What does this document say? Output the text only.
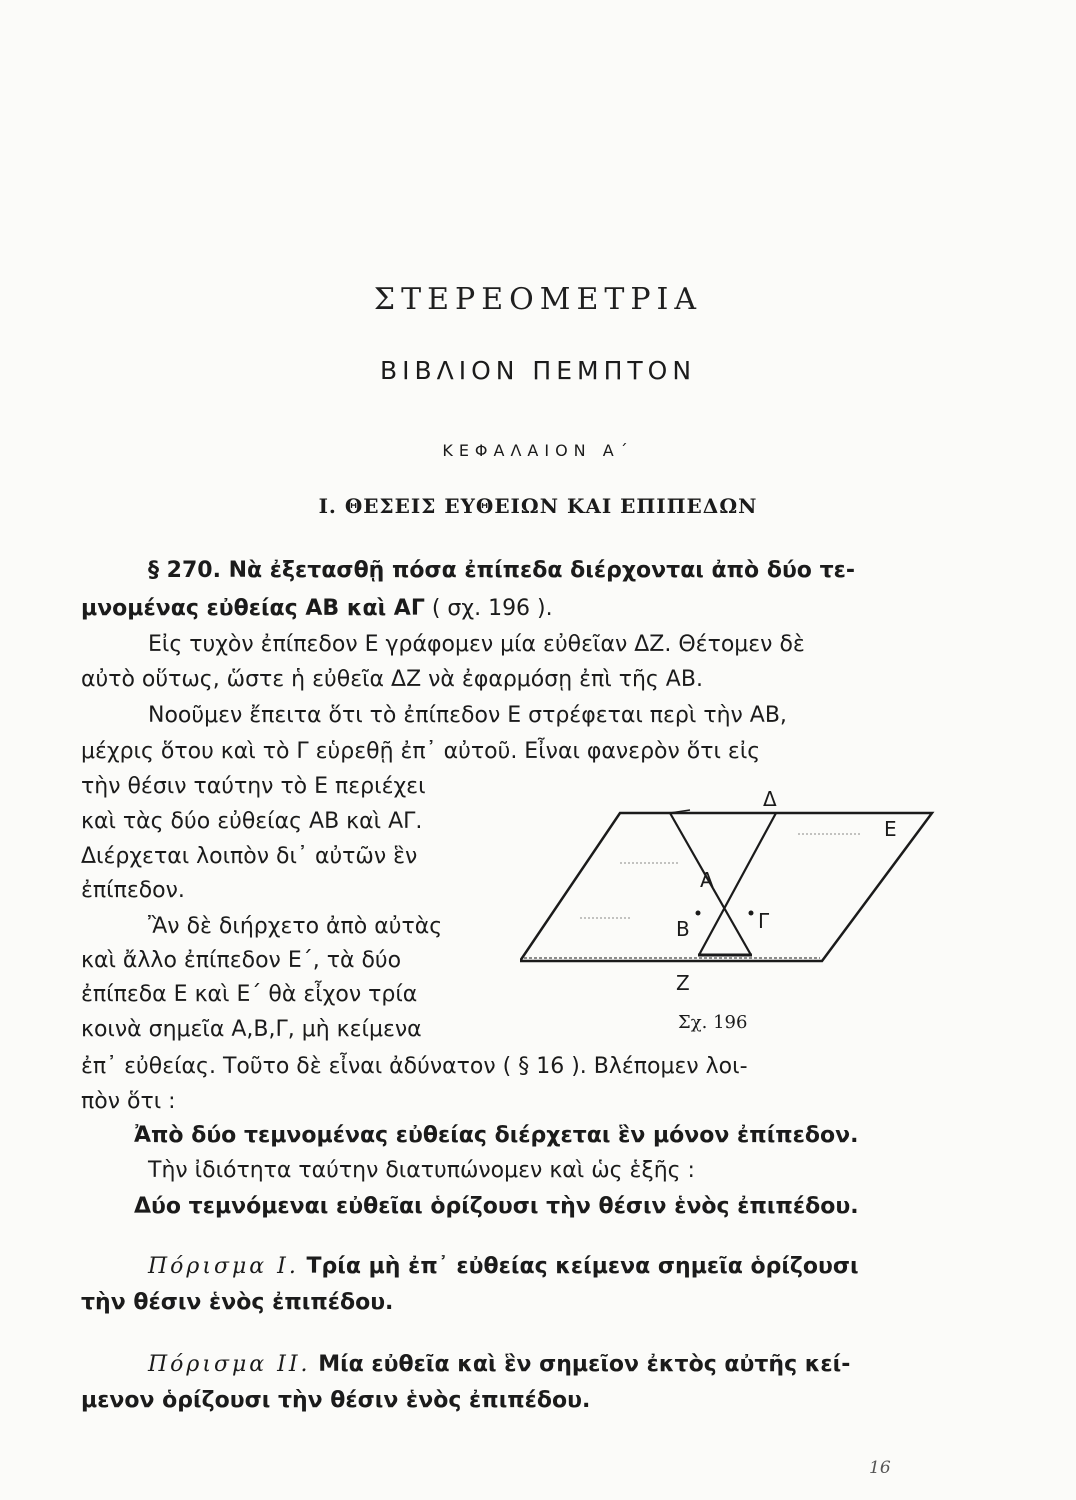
ΣΤΕΡΕΟΜΕΤΡΙΑ
ΒΙΒΛΙΟΝ ΠΕΜΠΤΟΝ
ΚΕΦΑΛΑΙΟΝ Α΄
Ι. ΘΕΣΕΙΣ ΕΥΘΕΙΩΝ ΚΑΙ ΕΠΙΠΕΔΩΝ
§ 270. Νὰ ἐξετασθῇ πόσα ἐπίπεδα διέρχονται ἀπὸ δύο τε-
μνομένας εὐθείας ΑΒ καὶ ΑΓ ( σχ. 196 ).
Εἰς τυχὸν ἐπίπεδον Ε γράφομεν μία εὐθεῖαν ΔΖ. Θέτομεν δὲ
αὐτὸ οὕτως, ὥστε ἡ εὐθεῖα ΔΖ νὰ ἐφαρμόσῃ ἐπὶ τῆς ΑΒ.
Νοοῦμεν ἔπειτα ὅτι τὸ ἐπίπεδον Ε στρέφεται περὶ τὴν ΑΒ,
μέχρις ὅτου καὶ τὸ Γ εὑρεθῇ ἐπ᾽ αὐτοῦ. Εἶναι φανερὸν ὅτι εἰς
τὴν θέσιν ταύτην τὸ Ε περιέχει
καὶ τὰς δύο εὐθείας ΑΒ καὶ ΑΓ.
Διέρχεται λοιπὸν δι᾽ αὐτῶν ἓν
ἐπίπεδον.
Ἂν δὲ διήρχετο ἀπὸ αὐτὰς
καὶ ἄλλο ἐπίπεδον Ε΄, τὰ δύο
ἐπίπεδα Ε καὶ Ε΄ θὰ εἶχον τρία
κοινὰ σημεῖα Α,Β,Γ, μὴ κείμενα
ἐπ᾽ εὐθείας. Τοῦτο δὲ εἶναι ἀδύνατον ( § 16 ). Βλέπομεν λοι-
πὸν ὅτι :
Ἀπὸ δύο τεμνομένας εὐθείας διέρχεται ἓν μόνον ἐπίπεδον.
Τὴν ἰδιότητα ταύτην διατυπώνομεν καὶ ὡς ἑξῆς :
Δύο τεμνόμεναι εὐθεῖαι ὁρίζουσι τὴν θέσιν ἑνὸς ἐπιπέδου.
Πόρισμα Ι. Τρία μὴ ἐπ᾽ εὐθείας κείμενα σημεῖα ὁρίζουσι
τὴν θέσιν ἑνὸς ἐπιπέδου.
Πόρισμα ΙΙ. Μία εὐθεῖα καὶ ἓν σημεῖον ἐκτὸς αὐτῆς κεί-
μενον ὁρίζουσι τὴν θέσιν ἑνὸς ἐπιπέδου.
Δ
Ε
Α
Β	Γ
Ζ
Σχ. 196
16
